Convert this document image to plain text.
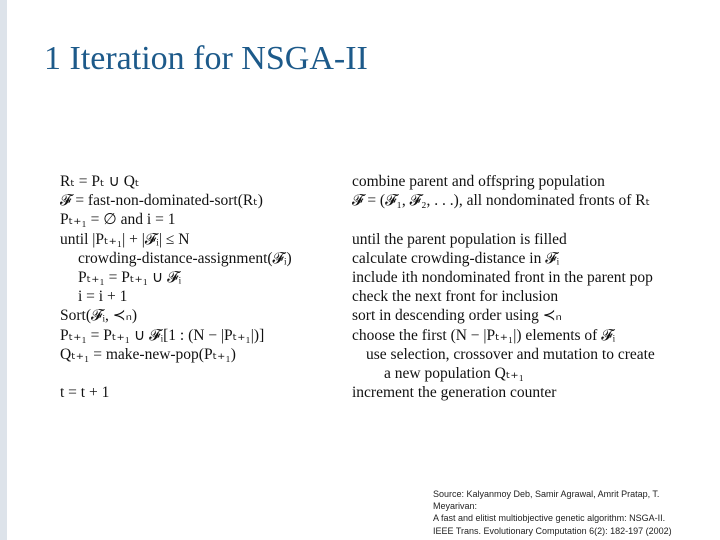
1 Iteration for NSGA-II
Rₜ = Pₜ ∪ Qₜ
𝓕 = fast-non-dominated-sort(Rₜ)
Pₜ₊₁ = ∅ and i = 1
until |Pₜ₊₁| + |𝓕ᵢ| ≤ N
crowding-distance-assignment(𝓕ᵢ)
Pₜ₊₁ = Pₜ₊₁ ∪ 𝓕ᵢ
i = i + 1
Sort(𝓕ᵢ, ≺ₙ)
Pₜ₊₁ = Pₜ₊₁ ∪ 𝓕ᵢ[1 : (N − |Pₜ₊₁|)]
Qₜ₊₁ = make-new-pop(Pₜ₊₁)
t = t + 1
combine parent and offspring population
𝓕 = (𝓕₁, 𝓕₂, . . .), all nondominated fronts of Rₜ
until the parent population is filled
calculate crowding-distance in 𝓕ᵢ
include ith nondominated front in the parent pop
check the next front for inclusion
sort in descending order using ≺ₙ
choose the first (N − |Pₜ₊₁|) elements of 𝓕ᵢ
use selection, crossover and mutation to create
a new population Qₜ₊₁
increment the generation counter
Source: Kalyanmoy Deb, Samir Agrawal, Amrit Pratap, T.
Meyarivan:
A fast and elitist multiobjective genetic algorithm: NSGA-II.
IEEE Trans. Evolutionary Computation 6(2): 182-197 (2002)
